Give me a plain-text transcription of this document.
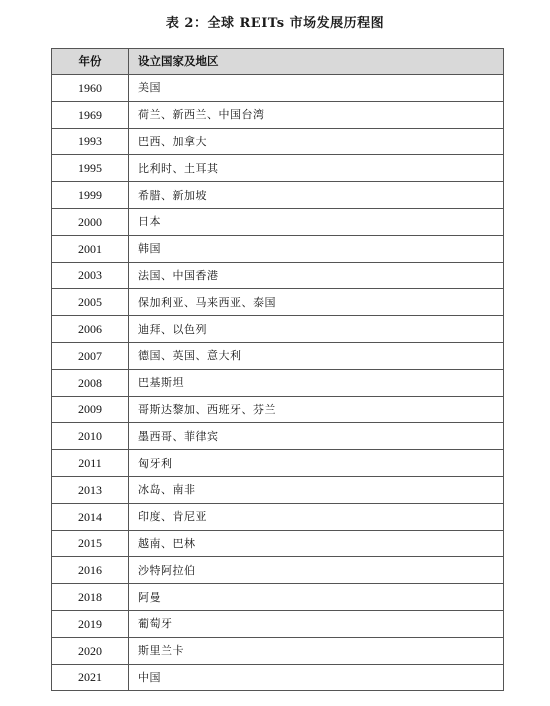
表 2：全球 REITs 市场发展历程图
年份	设立国家及地区
1960	美国
1969	荷兰、新西兰、中国台湾
1993	巴西、加拿大
1995	比利时、土耳其
1999	希腊、新加坡
2000	日本
2001	韩国
2003	法国、中国香港
2005	保加利亚、马来西亚、泰国
2006	迪拜、以色列
2007	德国、英国、意大利
2008	巴基斯坦
2009	哥斯达黎加、西班牙、芬兰
2010	墨西哥、菲律宾
2011	匈牙利
2013	冰岛、南非
2014	印度、肯尼亚
2015	越南、巴林
2016	沙特阿拉伯
2018	阿曼
2019	葡萄牙
2020	斯里兰卡
2021	中国
